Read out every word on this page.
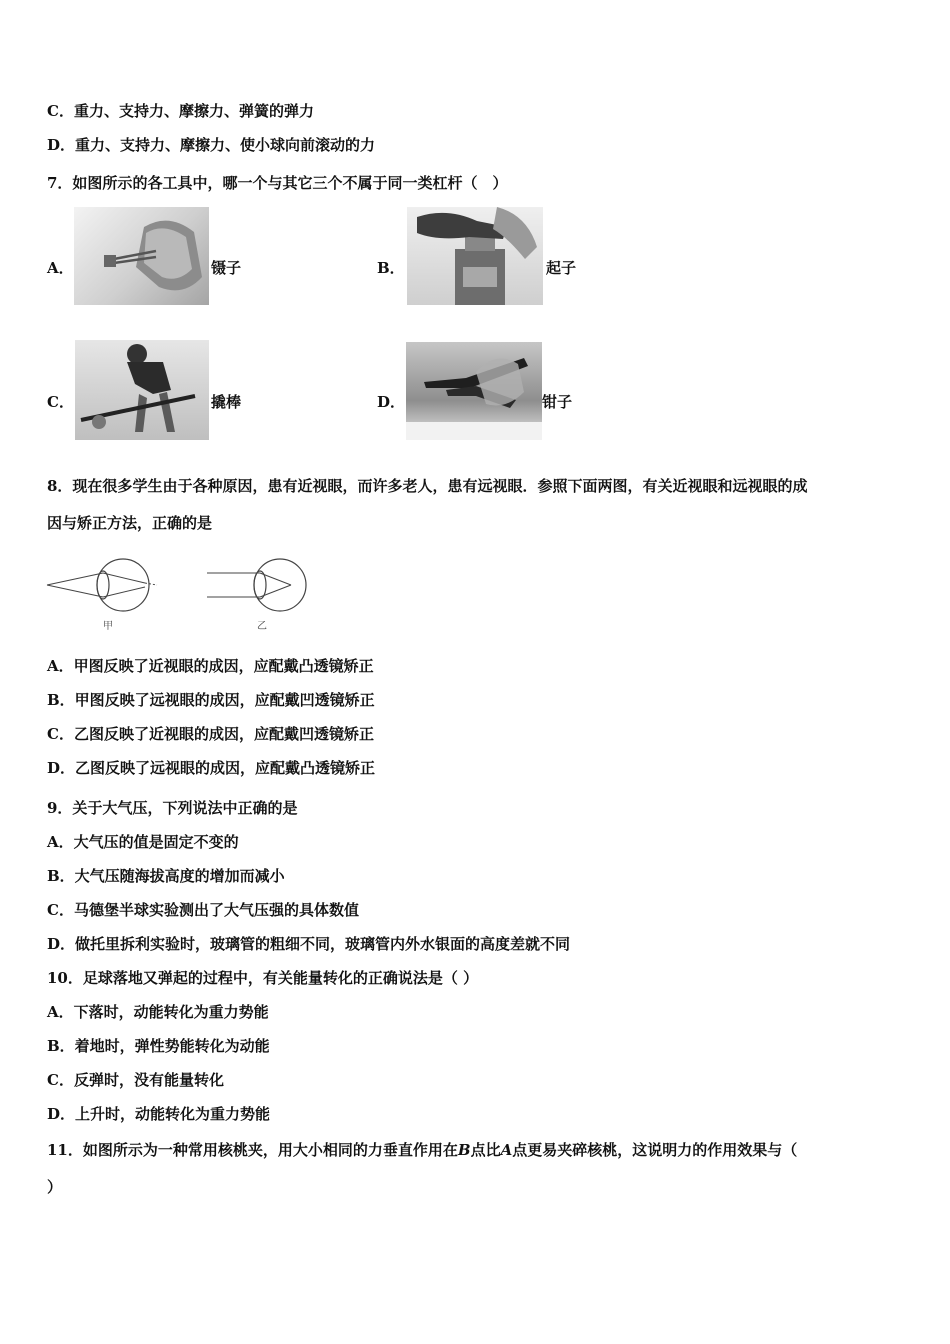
C．重力、支持力、摩擦力、弹簧的弹力
D．重力、支持力、摩擦力、使小球向前滚动的力
7．如图所示的各工具中，哪一个与其它三个不属于同一类杠杆（　）
A．	镊子	B．	起子
C．	撬棒	D．	钳子
8．现在很多学生由于各种原因，患有近视眼，而许多老人，患有远视眼．参照下面两图，有关近视眼和远视眼的成
因与矫正方法，正确的是
甲	乙
A．甲图反映了近视眼的成因，应配戴凸透镜矫正
B．甲图反映了远视眼的成因，应配戴凹透镜矫正
C．乙图反映了近视眼的成因，应配戴凹透镜矫正
D．乙图反映了远视眼的成因，应配戴凸透镜矫正
9．关于大气压，下列说法中正确的是
A．大气压的值是固定不变的
B．大气压随海拔高度的增加而减小
C．马德堡半球实验测出了大气压强的具体数值
D．做托里拆利实验时，玻璃管的粗细不同，玻璃管内外水银面的高度差就不同
10．足球落地又弹起的过程中，有关能量转化的正确说法是（ ）
A．下落时，动能转化为重力势能
B．着地时，弹性势能转化为动能
C．反弹时，没有能量转化
D．上升时，动能转化为重力势能
11．如图所示为一种常用核桃夹，用大小相同的力垂直作用在B点比A点更易夹碎核桃，这说明力的作用效果与（
）
